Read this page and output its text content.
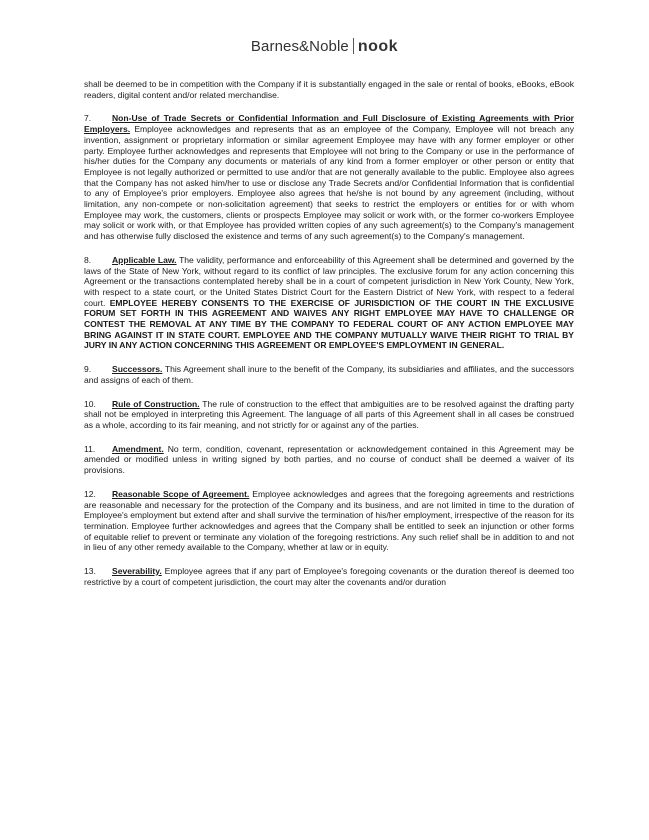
Barnes&Noble nook

shall be deemed to be in competition with the Company if it is substantially engaged in the sale or rental of books, eBooks, eBook readers, digital content and/or related merchandise.

7. Non-Use of Trade Secrets or Confidential Information and Full Disclosure of Existing Agreements with Prior Employers. Employee acknowledges and represents that as an employee of the Company, Employee will not breach any invention, assignment or proprietary information or similar agreement Employee may have with any former employer or other party. Employee further acknowledges and represents that Employee will not bring to the Company or use in the performance of his/her duties for the Company any documents or materials of any kind from a former employer or other person or entity that Employee is not legally authorized or permitted to use and/or that are not generally available to the public. Employee also agrees that the Company has not asked him/her to use or disclose any Trade Secrets and/or Confidential Information that is confidential to any of Employee's prior employers. Employee also agrees that he/she is not bound by any agreement (including, without limitation, any non-compete or non-solicitation agreement) that seeks to restrict the employers or entities for or with whom Employee may work, the customers, clients or prospects Employee may solicit or work with, or the former co-workers Employee may solicit or work with, or that Employee has provided written copies of any such agreement(s) to the Company's management and has otherwise fully disclosed the existence and terms of any such agreement(s) to the Company's management.

8. Applicable Law. The validity, performance and enforceability of this Agreement shall be determined and governed by the laws of the State of New York, without regard to its conflict of law principles. The exclusive forum for any action concerning this Agreement or the transactions contemplated hereby shall be in a court of competent jurisdiction in New York County, New York, with respect to a state court, or the United States District Court for the Eastern District of New York, with respect to a federal court. EMPLOYEE HEREBY CONSENTS TO THE EXERCISE OF JURISDICTION OF THE COURT IN THE EXCLUSIVE FORUM SET FORTH IN THIS AGREEMENT AND WAIVES ANY RIGHT EMPLOYEE MAY HAVE TO CHALLENGE OR CONTEST THE REMOVAL AT ANY TIME BY THE COMPANY TO FEDERAL COURT OF ANY ACTION EMPLOYEE MAY BRING AGAINST IT IN STATE COURT. EMPLOYEE AND THE COMPANY MUTUALLY WAIVE THEIR RIGHT TO TRIAL BY JURY IN ANY ACTION CONCERNING THIS AGREEMENT OR EMPLOYEE'S EMPLOYMENT IN GENERAL.

9. Successors. This Agreement shall inure to the benefit of the Company, its subsidiaries and affiliates, and the successors and assigns of each of them.

10. Rule of Construction. The rule of construction to the effect that ambiguities are to be resolved against the drafting party shall not be employed in interpreting this Agreement. The language of all parts of this Agreement shall in all cases be construed as a whole, according to its fair meaning, and not strictly for or against any of the parties.

11. Amendment. No term, condition, covenant, representation or acknowledgement contained in this Agreement may be amended or modified unless in writing signed by both parties, and no course of conduct shall be deemed a waiver of its provisions.

12. Reasonable Scope of Agreement. Employee acknowledges and agrees that the foregoing agreements and restrictions are reasonable and necessary for the protection of the Company and its business, and are not limited in time to the duration of Employee's employment but extend after and shall survive the termination of his/her employment, irrespective of the reason for its termination. Employee further acknowledges and agrees that the Company shall be entitled to seek an injunction or other forms of equitable relief to prevent or terminate any violation of the foregoing restrictions. Any such relief shall be in addition to and not in lieu of any other remedy available to the Company, whether at law or in equity.

13. Severability. Employee agrees that if any part of Employee's foregoing covenants or the duration thereof is deemed too restrictive by a court of competent jurisdiction, the court may alter the covenants and/or duration
